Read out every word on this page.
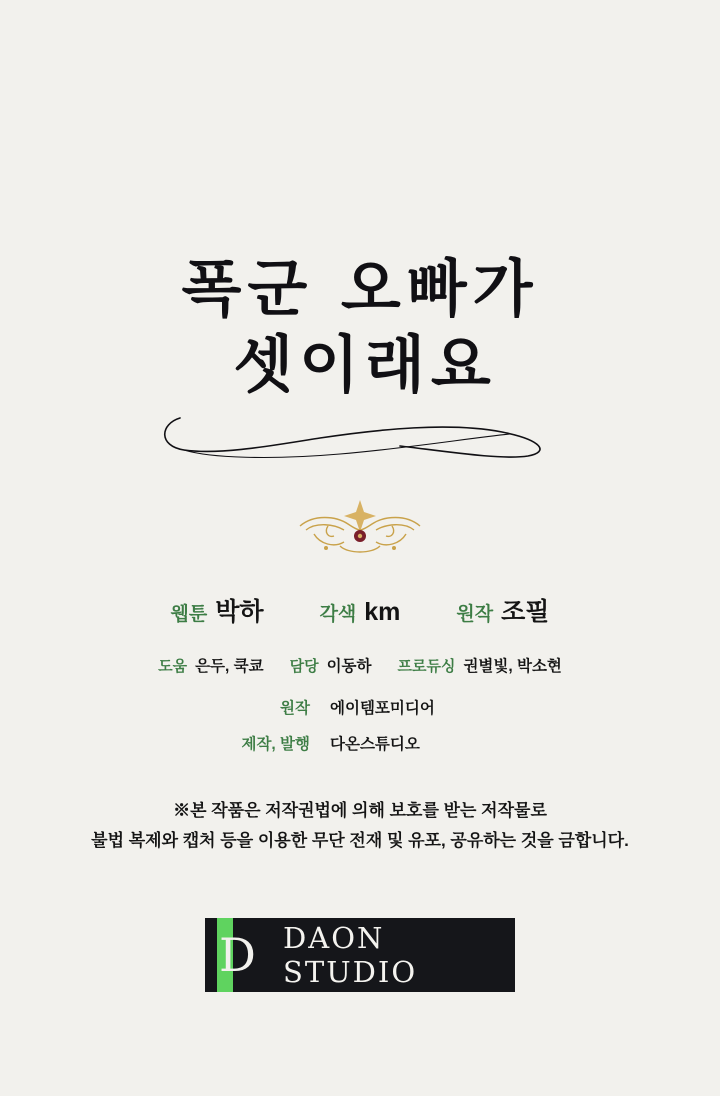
폭군 오빠가
셋이래요
웹툰 박하	각색 km	원작 조필
도움 은두, 쿡쿄 담당 이동하 프로듀싱 권별빛, 박소현
원작	에이템포미디어
제작, 발행	다온스튜디오
※본 작품은 저작권법에 의해 보호를 받는 저작물로
불법 복제와 캡처 등을 이용한 무단 전재 및 유포, 공유하는 것을 금합니다.
D DAON STUDIO
